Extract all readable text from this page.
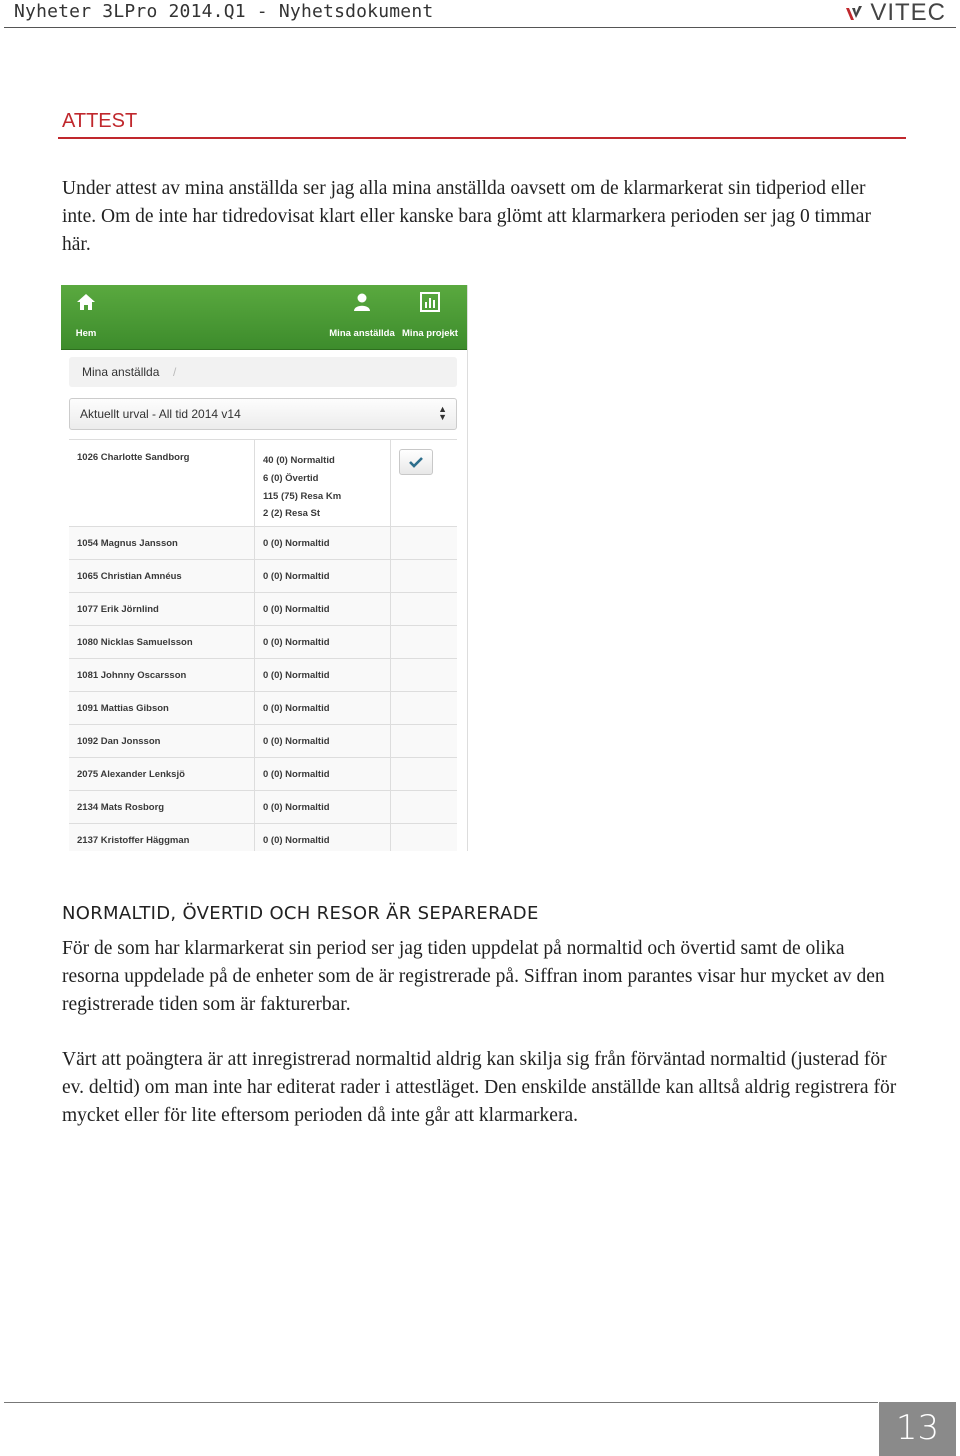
Nyheter 3LPro 2014.Q1 - Nyhetsdokument	VITEC
ATTEST
Under attest av mina anställda ser jag alla mina anställda oavsett om de klarmarkerat sin tidperiod eller inte. Om de inte har tidredovisat klart eller kanske bara glömt att klarmarkera perioden ser jag 0 timmar här.
Hem	Mina anställda Mina projekt
Mina anställda /
Aktuellt urval - All tid 2014 v14	▲
▼
1026 Charlotte Sandborg	40 (0) Normaltid
6 (0) Övertid
115 (75) Resa Km
2 (2) Resa St
1054 Magnus Jansson	0 (0) Normaltid
1065 Christian Amnéus	0 (0) Normaltid
1077 Erik Jörnlind	0 (0) Normaltid
1080 Nicklas Samuelsson	0 (0) Normaltid
1081 Johnny Oscarsson	0 (0) Normaltid
1091 Mattias Gibson	0 (0) Normaltid
1092 Dan Jonsson	0 (0) Normaltid
2075 Alexander Lenksjö	0 (0) Normaltid
2134 Mats Rosborg	0 (0) Normaltid
2137 Kristoffer Häggman	0 (0) Normaltid
NORMALTID, ÖVERTID OCH RESOR ÄR SEPARERADE
För de som har klarmarkerat sin period ser jag tiden uppdelat på normaltid och övertid samt de olika resorna uppdelade på de enheter som de är registrerade på. Siffran inom parantes visar hur mycket av den registrerade tiden som är fakturerbar.
Värt att poängtera är att inregistrerad normaltid aldrig kan skilja sig från förväntad normaltid (justerad för ev. deltid) om man inte har editerat rader i attestläget. Den enskilde anställde kan alltså aldrig registrera för mycket eller för lite eftersom perioden då inte går att klarmarkera.
13
